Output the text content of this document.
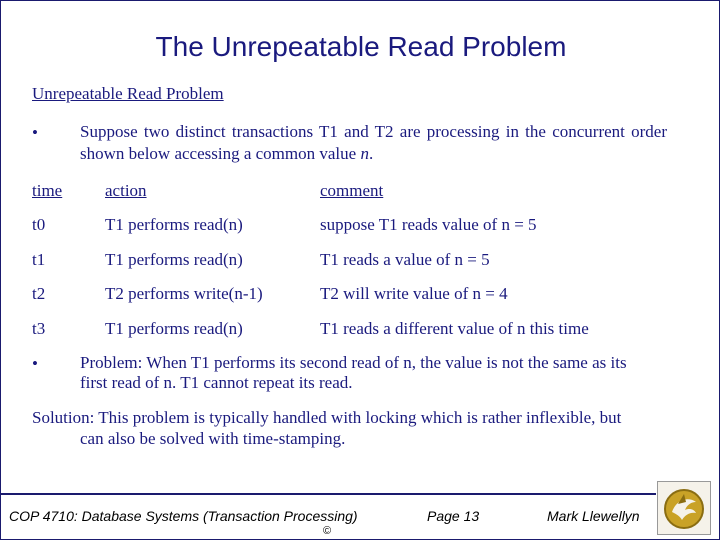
The Unrepeatable Read Problem
Unrepeatable Read Problem
• Suppose two distinct transactions T1 and T2 are processing in the concurrent order shown below accessing a common value n.
time	action	comment
t0	T1 performs read(n)	suppose T1 reads value of n = 5
t1	T1 performs read(n)	T1 reads a value of n = 5
t2	T2 performs write(n-1)	T2 will write value of n = 4
t3	T1 performs read(n)	T1 reads a different value of n this time
• Problem: When T1 performs its second read of n, the value is not the same as its
first read of n. T1 cannot repeat its read.
Solution: This problem is typically handled with locking which is rather inflexible, but
can also be solved with time-stamping.
COP 4710: Database Systems (Transaction Processing)	Page 13	Mark Llewellyn
©
